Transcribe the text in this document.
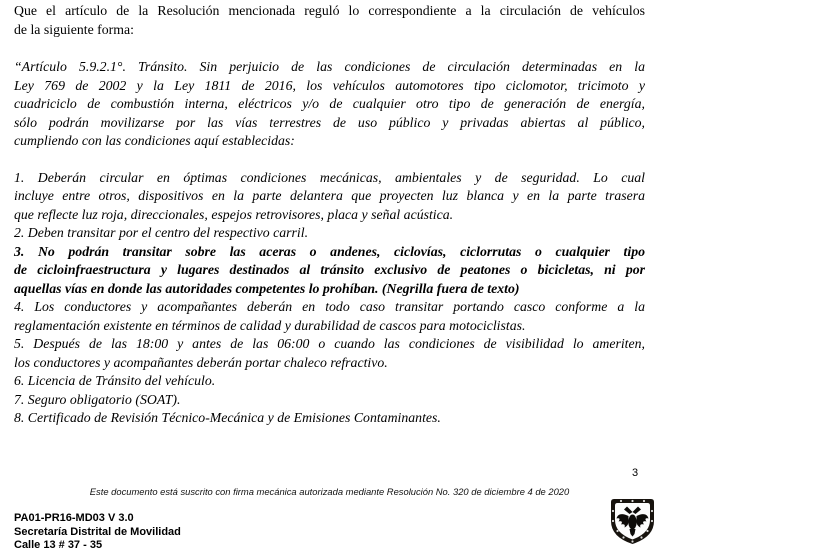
Que el artículo de la Resolución mencionada reguló lo correspondiente a la circulación de vehículos
de la siguiente forma:
“Artículo 5.9.2.1°. Tránsito. Sin perjuicio de las condiciones de circulación determinadas en la
Ley 769 de 2002 y la Ley 1811 de 2016, los vehículos automotores tipo ciclomotor, tricimoto y
cuadriciclo de combustión interna, eléctricos y/o de cualquier otro tipo de generación de energía,
sólo podrán movilizarse por las vías terrestres de uso público y privadas abiertas al público,
cumpliendo con las condiciones aquí establecidas:
1. Deberán circular en óptimas condiciones mecánicas, ambientales y de seguridad. Lo cual
incluye entre otros, dispositivos en la parte delantera que proyecten luz blanca y en la parte trasera
que reflecte luz roja, direccionales, espejos retrovisores, placa y señal acústica.
2. Deben transitar por el centro del respectivo carril.
3. No podrán transitar sobre las aceras o andenes, ciclovías, ciclorrutas o cualquier tipo
de cicloinfraestructura y lugares destinados al tránsito exclusivo de peatones o bicicletas, ni por
aquellas vías en donde las autoridades competentes lo prohíban. (Negrilla fuera de texto)
4. Los conductores y acompañantes deberán en todo caso transitar portando casco conforme a la
reglamentación existente en términos de calidad y durabilidad de cascos para motociclistas.
5. Después de las 18:00 y antes de las 06:00 o cuando las condiciones de visibilidad lo ameriten,
los conductores y acompañantes deberán portar chaleco refractivo.
6. Licencia de Tránsito del vehículo.
7. Seguro obligatorio (SOAT).
8. Certificado de Revisión Técnico-Mecánica y de Emisiones Contaminantes.
3
Este documento está suscrito con firma mecánica autorizada mediante Resolución No. 320 de diciembre 4 de 2020
PA01-PR16-MD03 V 3.0
Secretaría Distrital de Movilidad
Calle 13 # 37 - 35
